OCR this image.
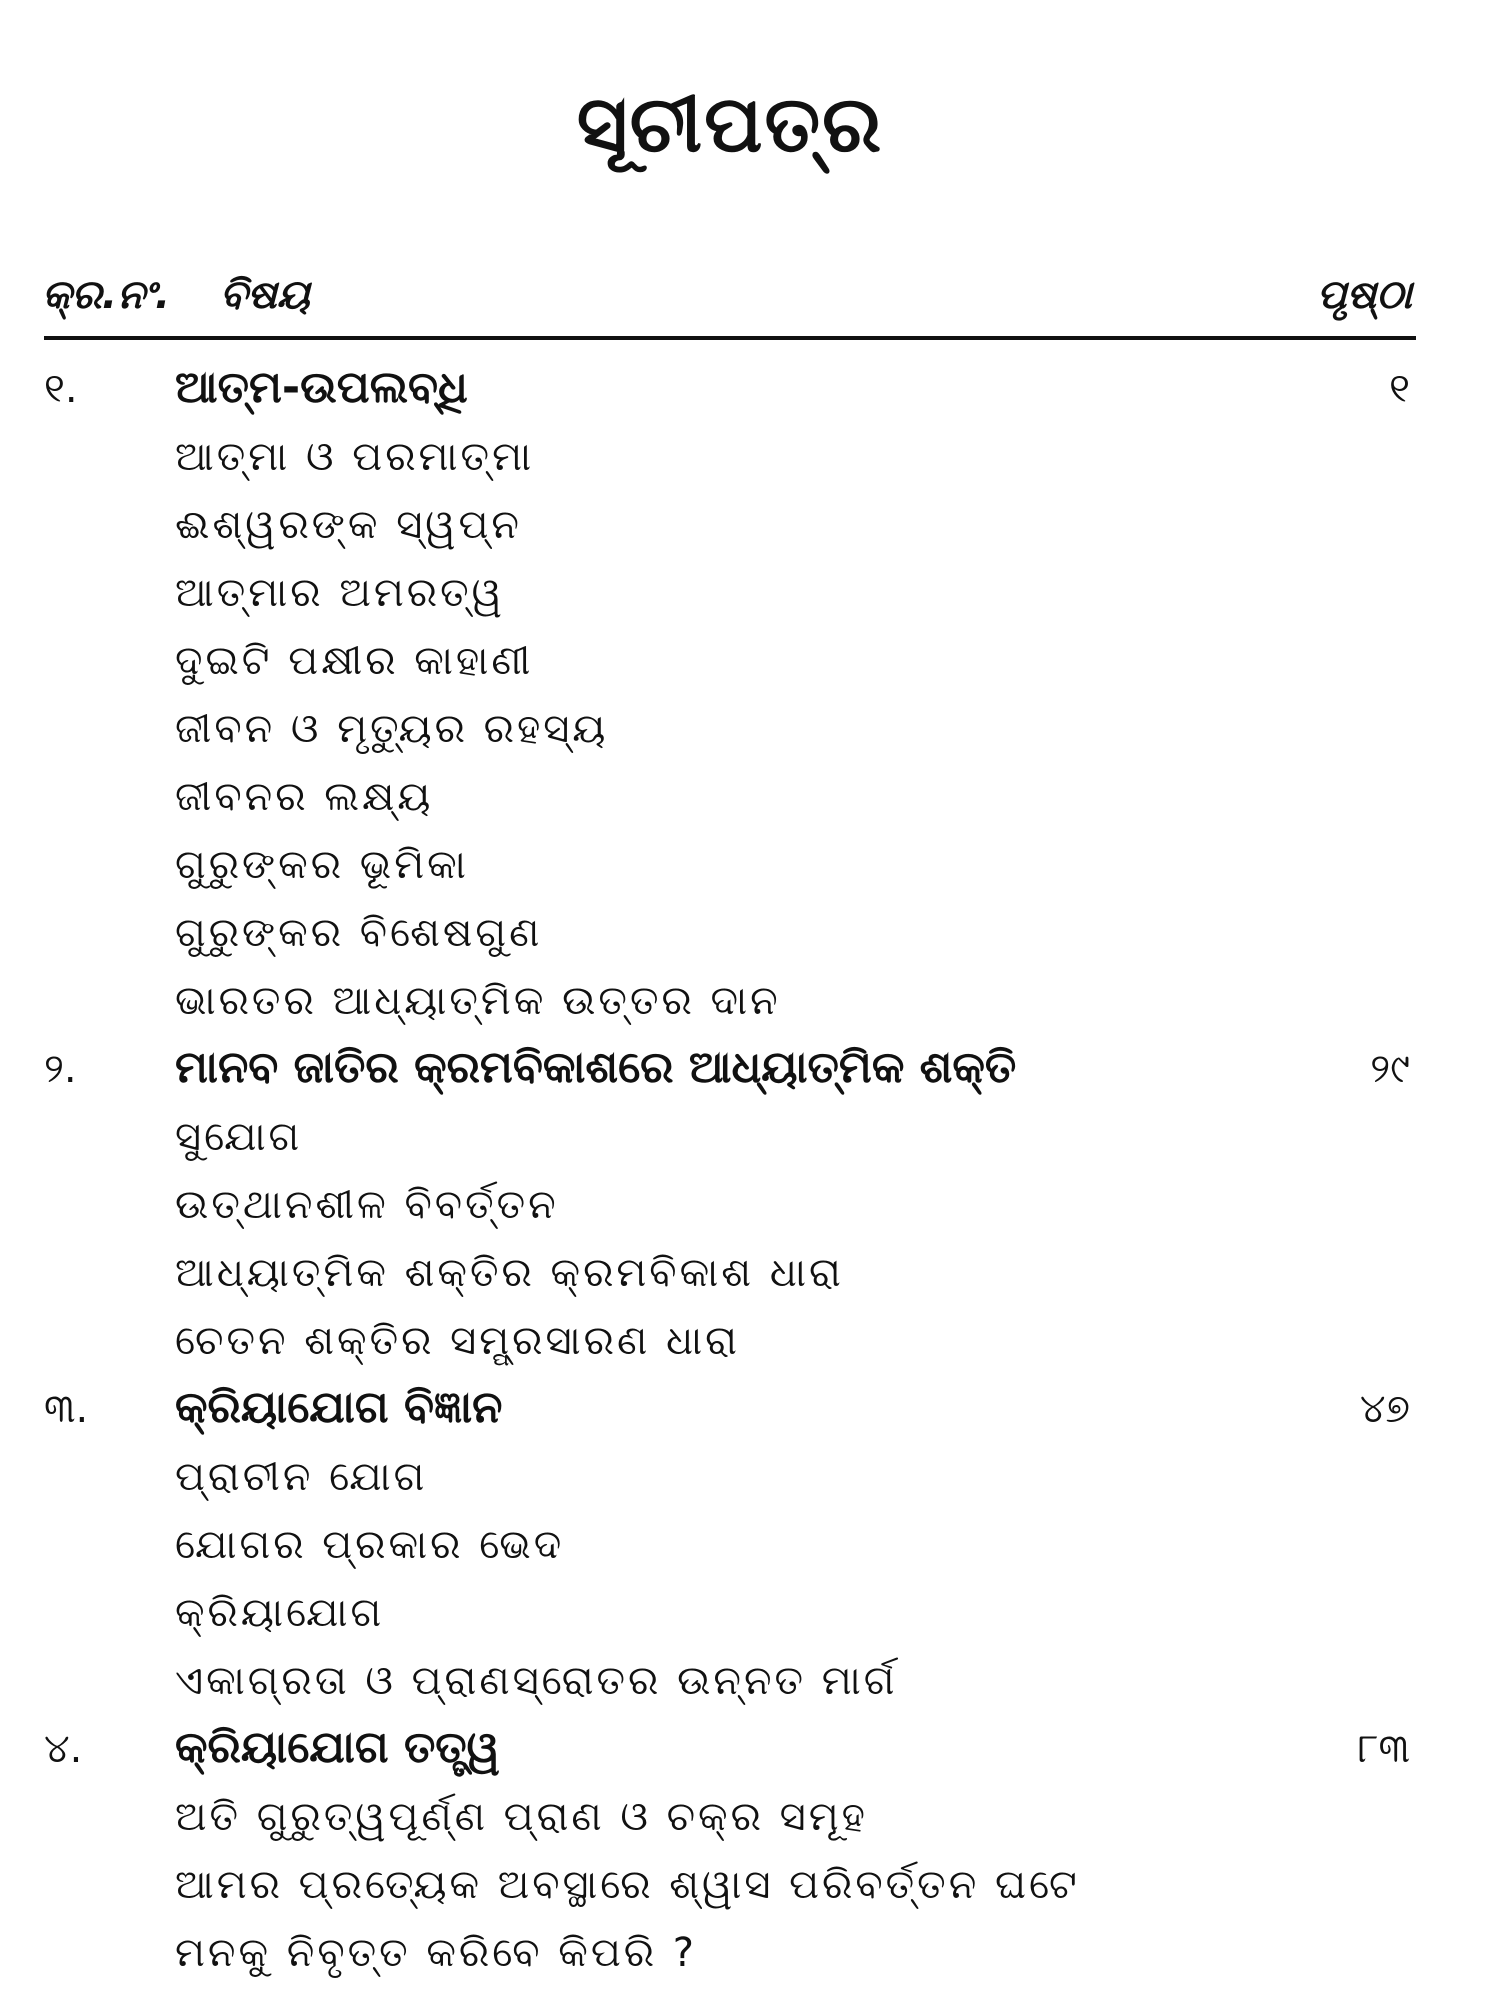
ସୂଚୀପତ୍ର
କ୍ର.ନଂ. ବିଷୟ	ପୃଷ୍ଠା
୧. ଆତ୍ମ-ଉପଲବ୍‌ଧି	୧
ଆତ୍ମା ଓ ପରମାତ୍ମା
ଈଶ୍ୱରଙ୍କ ସ୍ୱପ୍ନ
ଆତ୍ମାର ଅମରତ୍ୱ
ଦୁଇଟି ପକ୍ଷୀର କାହାଣୀ
ଜୀବନ ଓ ମୃତ୍ୟୁର ରହସ୍ୟ
ଜୀବନର ଲକ୍ଷ୍ୟ
ଗୁରୁଙ୍କର ଭୂମିକା
ଗୁରୁଙ୍କର ବିଶେଷଗୁଣ
ଭାରତର ଆଧ୍ୟାତ୍ମିକ ଉତ୍ତର ଦାନ
୨. ମାନବ ଜାତିର କ୍ରମବିକାଶରେ ଆଧ୍ୟାତ୍ମିକ ଶକ୍ତି	୨୯
ସୁଯୋଗ
ଉତ୍‌ଥାନଶୀଳ ବିବର୍ତ୍ତନ
ଆଧ୍ୟାତ୍ମିକ ଶକ୍ତିର କ୍ରମବିକାଶ ଧାରା
ଚେତନ ଶକ୍ତିର ସମ୍ପ୍ରସାରଣ ଧାରା
୩. କ୍ରିୟାଯୋଗ ବିଜ୍ଞାନ	୪୭
ପ୍ରାଚୀନ ଯୋଗ
ଯୋଗର ପ୍ରକାର ଭେଦ
କ୍ରିୟାଯୋଗ
ଏକାଗ୍ରତା ଓ ପ୍ରାଣସ୍ରୋତର ଉନ୍ନତ ମାର୍ଗ
୪. କ୍ରିୟାଯୋଗ ତତ୍ତ୍ୱ	୮୩
ଅତି ଗୁରୁତ୍ୱପୂର୍ଣ୍ଣ ପ୍ରାଣ ଓ ଚକ୍ର ସମୂହ
ଆମର ପ୍ରତ୍ୟେକ ଅବସ୍ଥାରେ ଶ୍ୱାସ ପରିବର୍ତ୍ତନ ଘଟେ
ମନକୁ ନିବୃତ୍ତ କରିବେ କିପରି ?
